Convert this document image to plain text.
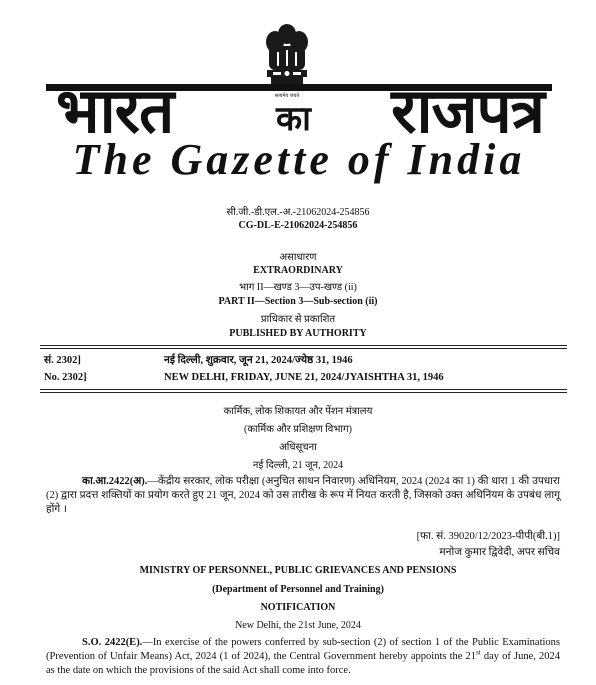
सत्यमेव जयते
भारत	का राजपत्र
The Gazette of India
सी.जी.-डी.एल.-अ.-21062024-254856
CG-DL-E-21062024-254856
असाधारण
EXTRAORDINARY
भाग II—खण्ड 3—उप-खण्ड (ii)
PART II—Section 3—Sub-section (ii)
प्राधिकार से प्रकाशित
PUBLISHED BY AUTHORITY
सं. 2302]	नई दिल्ली, शुक्रवार, जून 21, 2024/ज्येष्ठ 31, 1946
No. 2302]	NEW DELHI, FRIDAY, JUNE 21, 2024/JYAISHTHA 31, 1946
कार्मिक, लोक शिकायत और पेंशन मंत्रालय
(कार्मिक और प्रशिक्षण विभाग)
अधिसूचना
नई दिल्ली, 21 जून, 2024
का.आ.2422(अ).—केंद्रीय सरकार, लोक परीक्षा (अनुचित साधन निवारण) अधिनियम, 2024 (2024 का 1) की धारा 1 की उपधारा (2) द्वारा प्रदत्त शक्तियों का प्रयोग करते हुए 21 जून, 2024 को उस तारीख के रूप में नियत करती है, जिसको उक्त अधिनियम के उपबंध लागू होंगे ।
[फा. सं. 39020/12/2023-पीपी(बी.1)]
मनोज कुमार द्विवेदी, अपर सचिव
MINISTRY OF PERSONNEL, PUBLIC GRIEVANCES AND PENSIONS
(Department of Personnel and Training)
NOTIFICATION
New Delhi, the 21st June, 2024
S.O. 2422(E).—In exercise of the powers conferred by sub-section (2) of section 1 of the Public Examinations (Prevention of Unfair Means) Act, 2024 (1 of 2024), the Central Government hereby appoints the 21st day of June, 2024 as the date on which the provisions of the said Act shall come into force.
